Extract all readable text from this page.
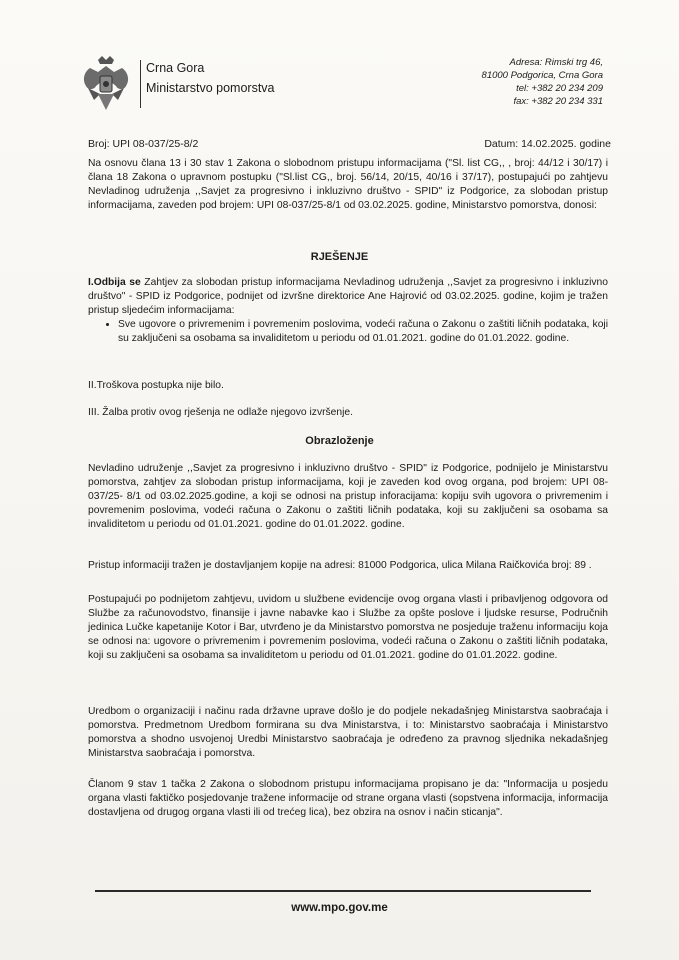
Crna Gora
Ministarstvo pomorstva
Adresa: Rimski trg 46,
81000 Podgorica, Crna Gora
tel: +382 20 234 209
fax: +382 20 234 331
Broj: UPI 08-037/25-8/2	Datum: 14.02.2025. godine
Na osnovu člana 13 i 30 stav 1 Zakona o slobodnom pristupu informacijama ("Sl. list CG,, , broj: 44/12 i 30/17) i člana 18 Zakona o upravnom postupku ("Sl.list CG,, broj. 56/14, 20/15, 40/16 i 37/17), postupajući po zahtjevu Nevladinog udruženja ,,Savjet za progresivno i inkluzivno društvo - SPID" iz Podgorice, za slobodan pristup informacijama, zaveden pod brojem: UPI 08-037/25-8/1 od 03.02.2025. godine, Ministarstvo pomorstva, donosi:
RJEŠENJE
I.Odbija se Zahtjev za slobodan pristup informacijama Nevladinog udruženja ,,Savjet za progresivno i inkluzivno društvo" - SPID iz Podgorice, podnijet od izvršne direktorice Ane Hajrović od 03.02.2025. godine, kojim je tražen pristup sljedećim informacijama:
• Sve ugovore o privremenim i povremenim poslovima, vodeći računa o Zakonu o zaštiti ličnih podataka, koji su zaključeni sa osobama sa invaliditetom u periodu od 01.01.2021. godine do 01.01.2022. godine.
II.Troškova postupka nije bilo.
III. Žalba protiv ovog rješenja ne odlaže njegovo izvršenje.
Obrazloženje
Nevladino udruženje ,,Savjet za progresivno i inkluzivno društvo - SPID" iz Podgorice, podnijelo je Ministarstvu pomorstva, zahtjev za slobodan pristup informacijama, koji je zaveden kod ovog organa, pod brojem: UPI 08-037/25- 8/1 od 03.02.2025.godine, a koji se odnosi na pristup inforacijama: kopiju svih ugovora o privremenim i povremenim poslovima, vodeći računa o Zakonu o zaštiti ličnih podataka, koji su zaključeni sa osobama sa invaliditetom u periodu od 01.01.2021. godine do 01.01.2022. godine.
Pristup informaciji tražen je dostavljanjem kopije na adresi: 81000 Podgorica, ulica Milana Raičkovića broj: 89 .
Postupajući po podnijetom zahtjevu, uvidom u službene evidencije ovog organa vlasti i pribavljenog odgovora od Službe za računovodstvo, finansije i javne nabavke kao i Službe za opšte poslove i ljudske resurse, Područnih jedinica Lučke kapetanije Kotor i Bar, utvrđeno je da Ministarstvo pomorstva ne posjeduje traženu informaciju koja se odnosi na: ugovore o privremenim i povremenim poslovima, vodeći računa o Zakonu o zaštiti ličnih podataka, koji su zaključeni sa osobama sa invaliditetom u periodu od 01.01.2021. godine do 01.01.2022. godine.
Uredbom o organizaciji i načinu rada državne uprave došlo je do podjele nekadašnjeg Ministarstva saobraćaja i pomorstva. Predmetnom Uredbom formirana su dva Ministarstva, i to: Ministarstvo saobraćaja i Ministarstvo pomorstva a shodno usvojenoj Uredbi Ministarstvo saobraćaja je određeno za pravnog sljednika nekadašnjeg Ministarstva saobraćaja i pomorstva.
Članom 9 stav 1 tačka 2 Zakona o slobodnom pristupu informacijama propisano je da: "Informacija u posjedu organa vlasti faktičko posjedovanje tražene informacije od strane organa vlasti (sopstvena informacija, informacija dostavljena od drugog organa vlasti ili od trećeg lica), bez obzira na osnov i način sticanja".
www.mpo.gov.me
